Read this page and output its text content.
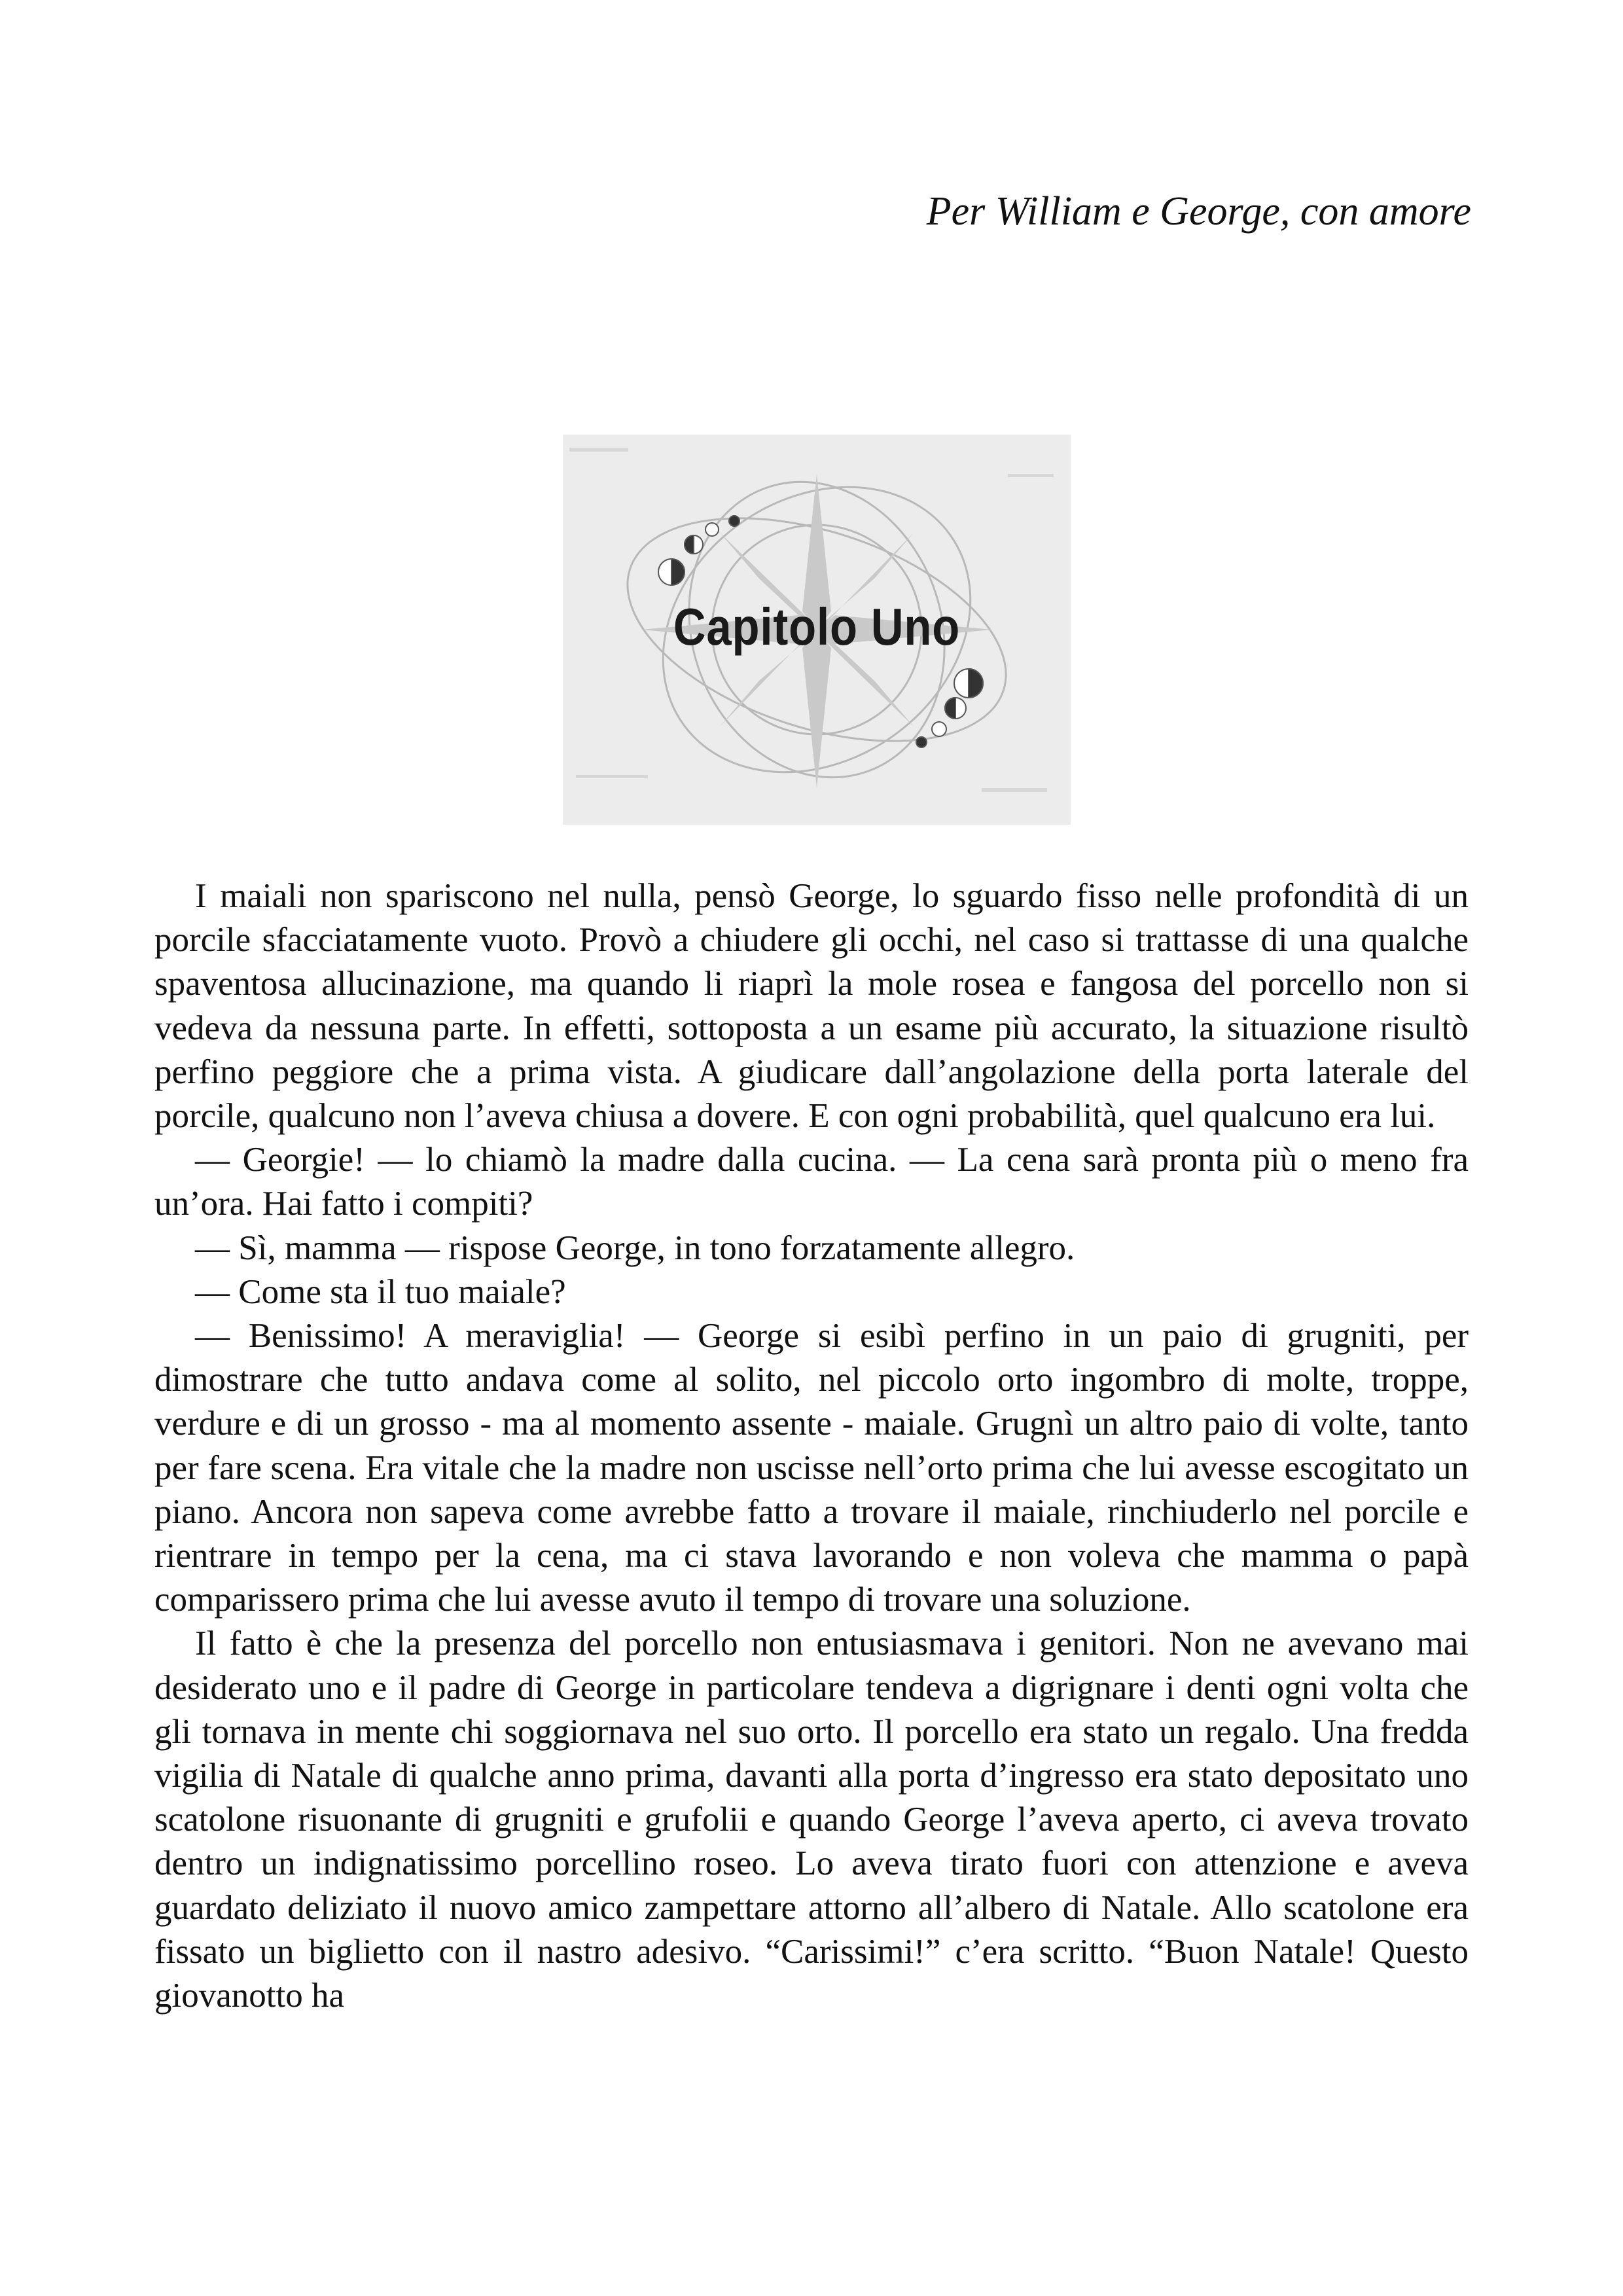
Per William e George, con amore
Capitolo Uno

I maiali non spariscono nel nulla, pensò George, lo sguardo fisso nelle profondità di un porcile sfacciatamente vuoto. Provò a chiudere gli occhi, nel caso si trattasse di una qualche spaventosa allucinazione, ma quando li riaprì la mole rosea e fangosa del porcello non si vedeva da nessuna parte. In effetti, sottoposta a un esame più accurato, la situazione risultò perfino peggiore che a prima vista. A giudicare dall’angolazione della porta laterale del porcile, qualcuno non l’aveva chiusa a dovere. E con ogni probabilità, quel qualcuno era lui.

— Georgie! — lo chiamò la madre dalla cucina. — La cena sarà pronta più o meno fra un’ora. Hai fatto i compiti?

— Sì, mamma — rispose George, in tono forzatamente allegro.

— Come sta il tuo maiale?

— Benissimo! A meraviglia! — George si esibì perfino in un paio di grugniti, per dimostrare che tutto andava come al solito, nel piccolo orto ingombro di molte, troppe, verdure e di un grosso - ma al momento assente - maiale. Grugnì un altro paio di volte, tanto per fare scena. Era vitale che la madre non uscisse nell’orto prima che lui avesse escogitato un piano. Ancora non sapeva come avrebbe fatto a trovare il maiale, rinchiuderlo nel porcile e rientrare in tempo per la cena, ma ci stava lavorando e non voleva che mamma o papà comparissero prima che lui avesse avuto il tempo di trovare una soluzione.

Il fatto è che la presenza del porcello non entusiasmava i genitori. Non ne avevano mai desiderato uno e il padre di George in particolare tendeva a digrignare i denti ogni volta che gli tornava in mente chi soggiornava nel suo orto. Il porcello era stato un regalo. Una fredda vigilia di Natale di qualche anno prima, davanti alla porta d’ingresso era stato depositato uno scatolone risuonante di grugniti e grufolii e quando George l’aveva aperto, ci aveva trovato dentro un indignatissimo porcellino roseo. Lo aveva tirato fuori con attenzione e aveva guardato deliziato il nuovo amico zampettare attorno all’albero di Natale. Allo scatolone era fissato un biglietto con il nastro adesivo. “Carissimi!” c’era scritto. “Buon Natale! Questo giovanotto ha
